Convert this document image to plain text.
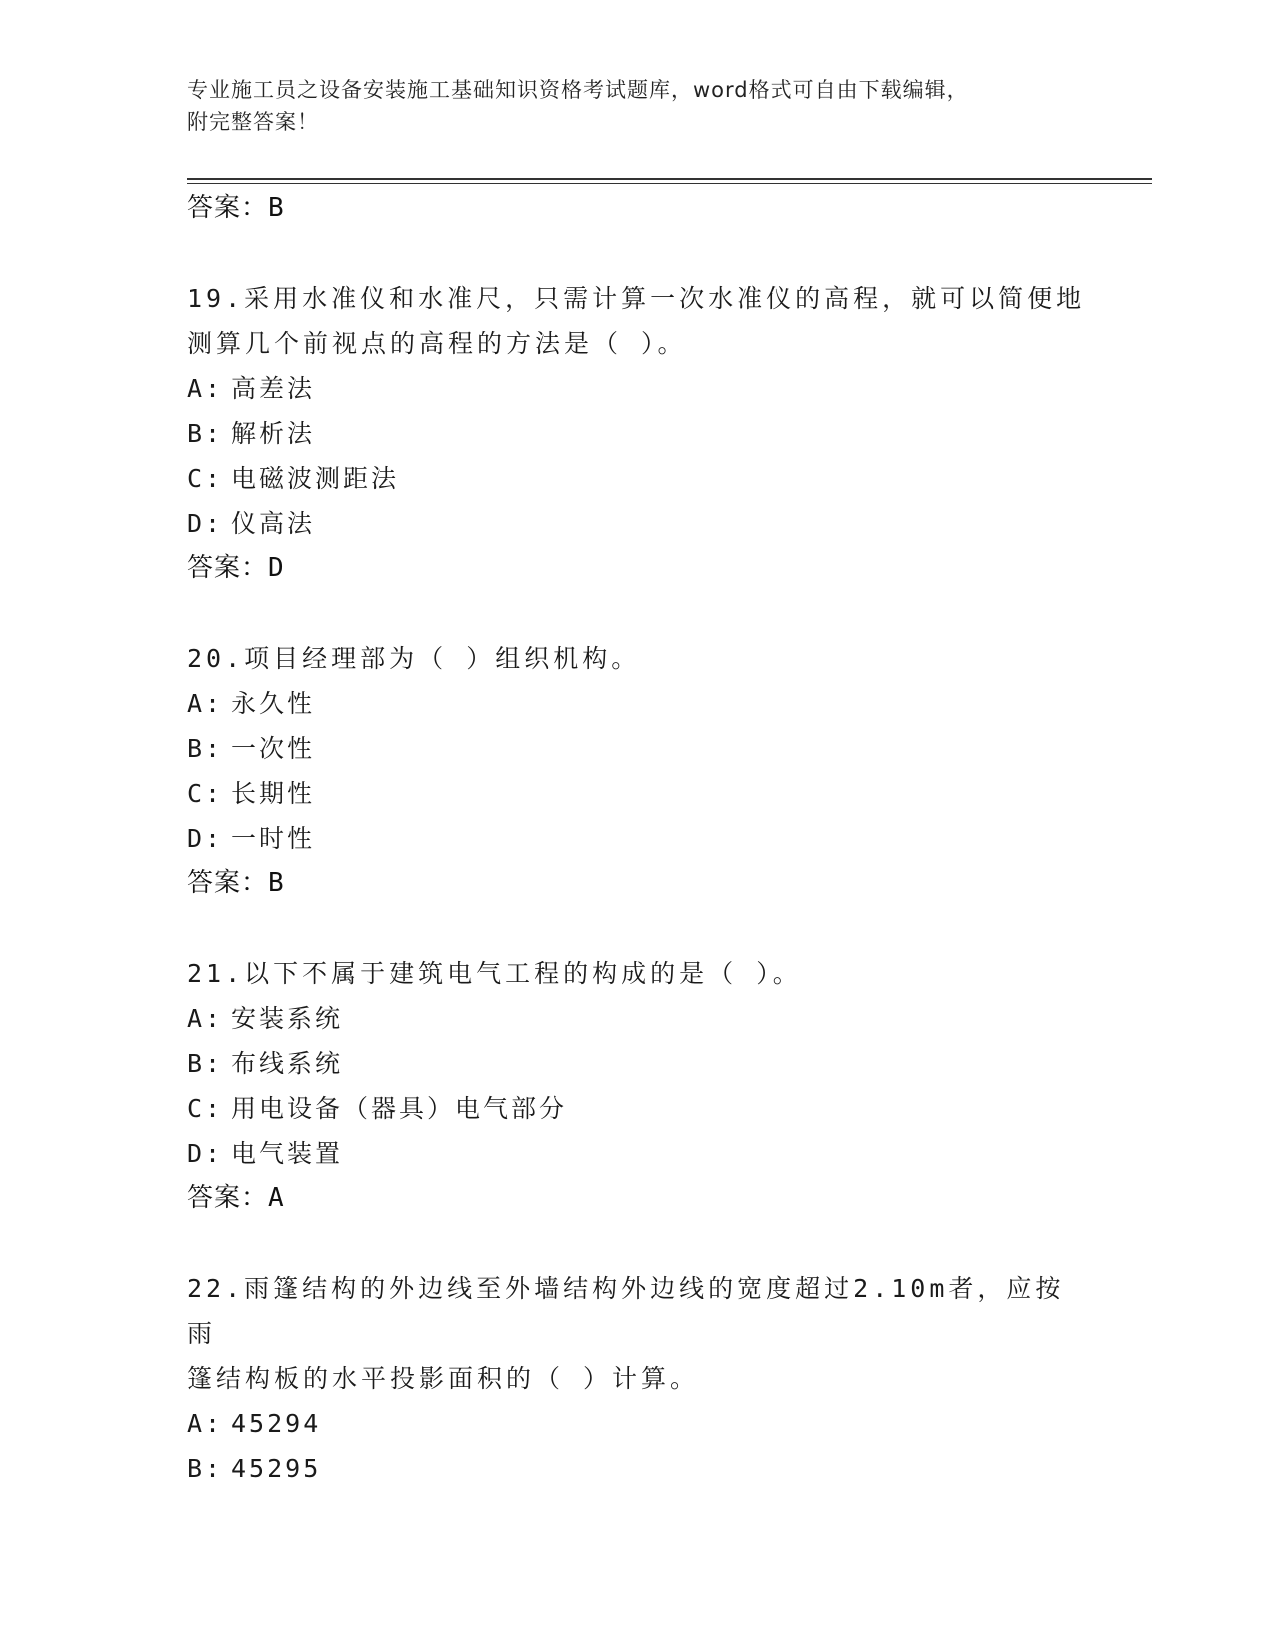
专业施工员之设备安装施工基础知识资格考试题库，word格式可自由下载编辑，
附完整答案！
答案：B
19.采用水准仪和水准尺，只需计算一次水准仪的高程，就可以简便地
测算几个前视点的高程的方法是（ ）。
A: 高差法
B: 解析法
C: 电磁波测距法
D: 仪高法
答案：D
20.项目经理部为（ ）组织机构。
A: 永久性
B: 一次性
C: 长期性
D: 一时性
答案：B
21.以下不属于建筑电气工程的构成的是（ ）。
A: 安装系统
B: 布线系统
C: 用电设备（器具）电气部分
D: 电气装置
答案：A
22.雨篷结构的外边线至外墙结构外边线的宽度超过2.10m者，应按雨
篷结构板的水平投影面积的（ ）计算。
A: 45294
B: 45295
